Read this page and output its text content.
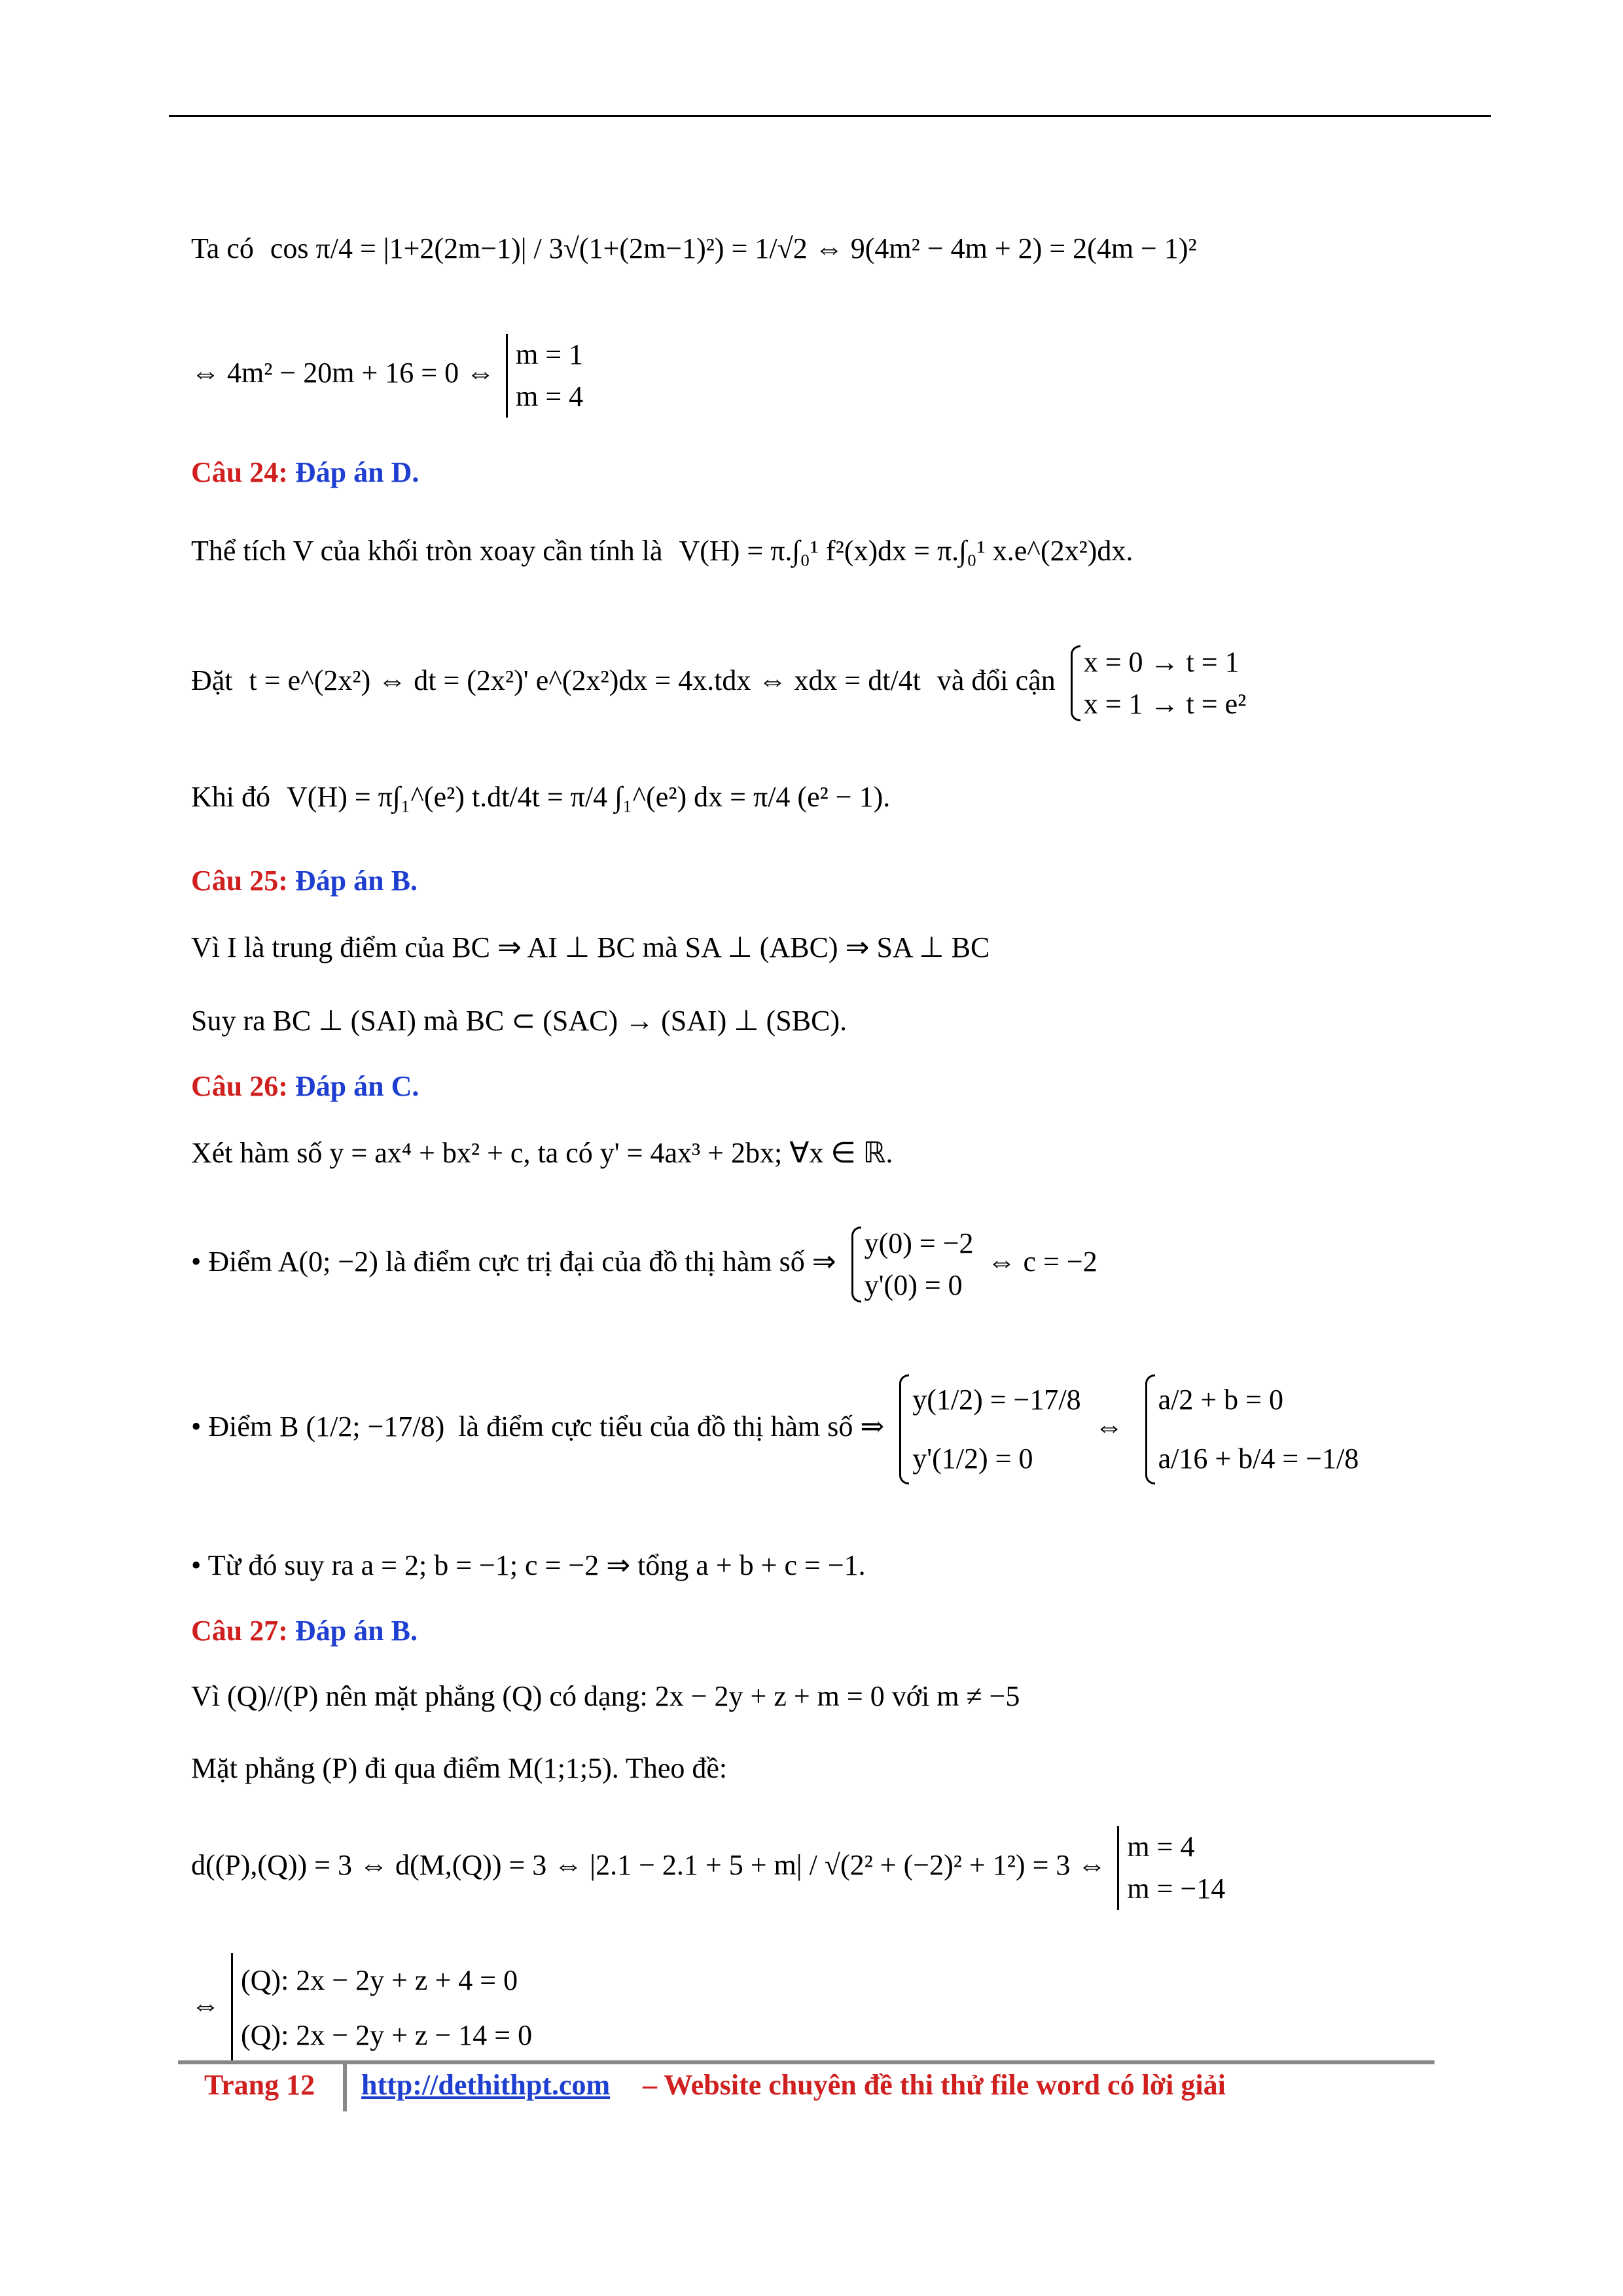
Ta có cos π/4 = |1+2(2m−1)| / 3√(1+(2m−1)²) = 1/√2 ⇔ 9(4m² − 4m + 2) = 2(4m − 1)²
⇔ 4m² − 20m + 16 = 0 ⇔
m = 1
m = 4
Câu 24: Đáp án D.
Thể tích V của khối tròn xoay cần tính là V(H) = π.∫₀¹ f²(x)dx = π.∫₀¹ x.e^(2x²)dx.
Đặt t = e^(2x²) ⇔ dt = (2x²)' e^(2x²)dx = 4x.tdx ⇔ xdx = dt/4t và đổi cận
x = 0 → t = 1
x = 1 → t = e²
Khi đó V(H) = π∫₁^(e²) t.dt/4t = π/4 ∫₁^(e²) dx = π/4 (e² − 1).
Câu 25: Đáp án B.
Vì I là trung điểm của BC ⇒ AI ⊥ BC mà SA ⊥ (ABC) ⇒ SA ⊥ BC
Suy ra BC ⊥ (SAI) mà BC ⊂ (SAC) → (SAI) ⊥ (SBC).
Câu 26: Đáp án C.
Xét hàm số y = ax⁴ + bx² + c, ta có y' = 4ax³ + 2bx; ∀x ∈ ℝ.
• Điểm A(0; −2) là điểm cực trị đại của đồ thị hàm số ⇒
y(0) = −2
y'(0) = 0
⇔ c = −2
• Điểm B (1/2; −17/8) là điểm cực tiểu của đồ thị hàm số ⇒
y(1/2) = −17/8
y'(1/2) = 0
⇔
a/2 + b = 0
a/16 + b/4 = −1/8
• Từ đó suy ra a = 2; b = −1; c = −2 ⇒ tổng a + b + c = −1.
Câu 27: Đáp án B.
Vì (Q)//(P) nên mặt phẳng (Q) có dạng: 2x − 2y + z + m = 0 với m ≠ −5
Mặt phẳng (P) đi qua điểm M(1;1;5). Theo đề:
d((P),(Q)) = 3 ⇔ d(M,(Q)) = 3 ⇔ |2.1 − 2.1 + 5 + m| / √(2² + (−2)² + 1²) = 3 ⇔
m = 4
m = −14
⇔
(Q): 2x − 2y + z + 4 = 0
(Q): 2x − 2y + z − 14 = 0
Trang 12 http://dethithpt.com – Website chuyên đề thi thử file word có lời giải
